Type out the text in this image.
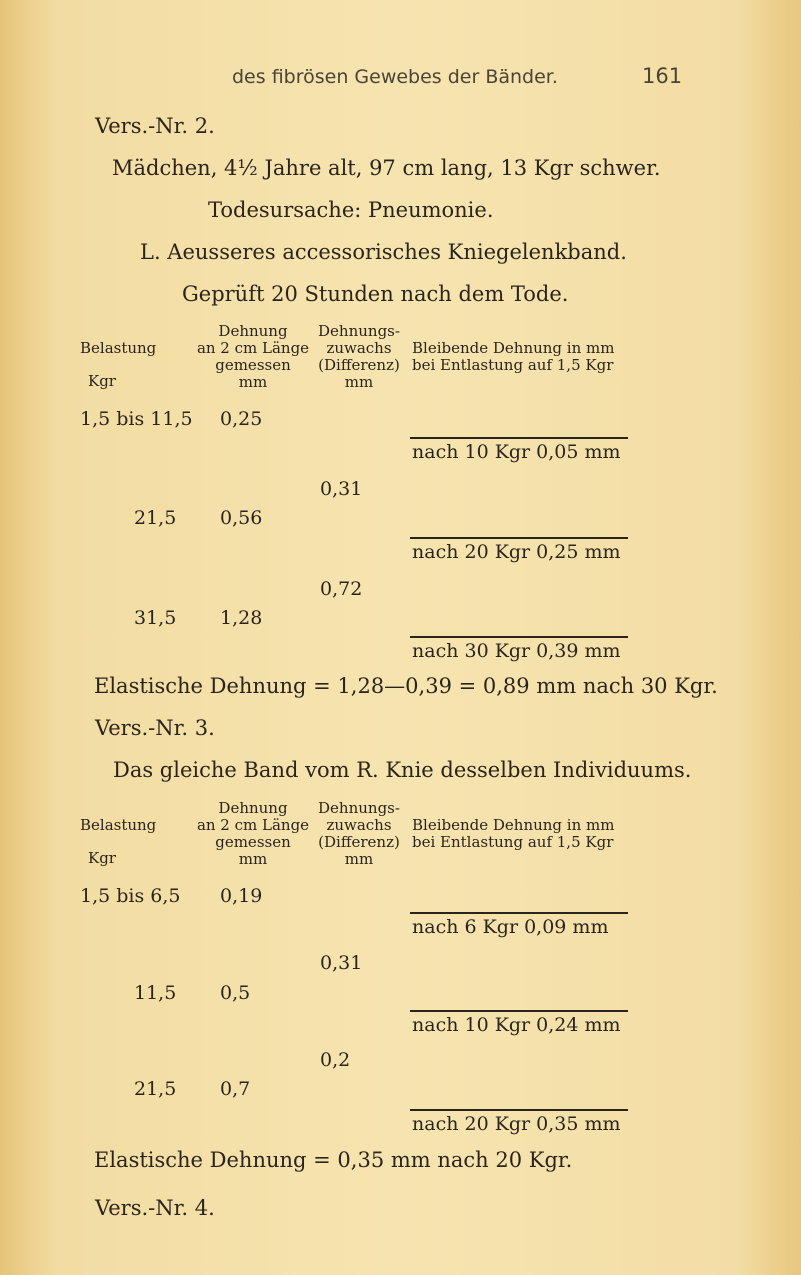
des fibrösen Gewebes der Bänder.	161
Vers.-Nr. 2.
Mädchen, 4½ Jahre alt, 97 cm lang, 13 Kgr schwer.
Todesursache: Pneumonie.
L. Aeusseres accessorisches Kniegelenkband.
Geprüft 20 Stunden nach dem Tode.
Belastung
Kgr
Dehnung
an 2 cm Länge
gemessen
mm
Dehnungs-
zuwachs
(Differenz)
mm
Bleibende Dehnung in mm
bei Entlastung auf 1,5 Kgr
1,5 bis 11,5 0,25
nach 10 Kgr 0,05 mm
0,31
21,5 0,56
nach 20 Kgr 0,25 mm
0,72
31,5 1,28
nach 30 Kgr 0,39 mm
Elastische Dehnung = 1,28—0,39 = 0,89 mm nach 30 Kgr.
Vers.-Nr. 3.
Das gleiche Band vom R. Knie desselben Individuums.
Belastung
Kgr
Dehnung
an 2 cm Länge
gemessen
mm
Dehnungs-
zuwachs
(Differenz)
mm
Bleibende Dehnung in mm
bei Entlastung auf 1,5 Kgr
1,5 bis 6,5 0,19
nach 6 Kgr 0,09 mm
0,31
11,5 0,5
nach 10 Kgr 0,24 mm
0,2
21,5 0,7
nach 20 Kgr 0,35 mm
Elastische Dehnung = 0,35 mm nach 20 Kgr.
Vers.-Nr. 4.
